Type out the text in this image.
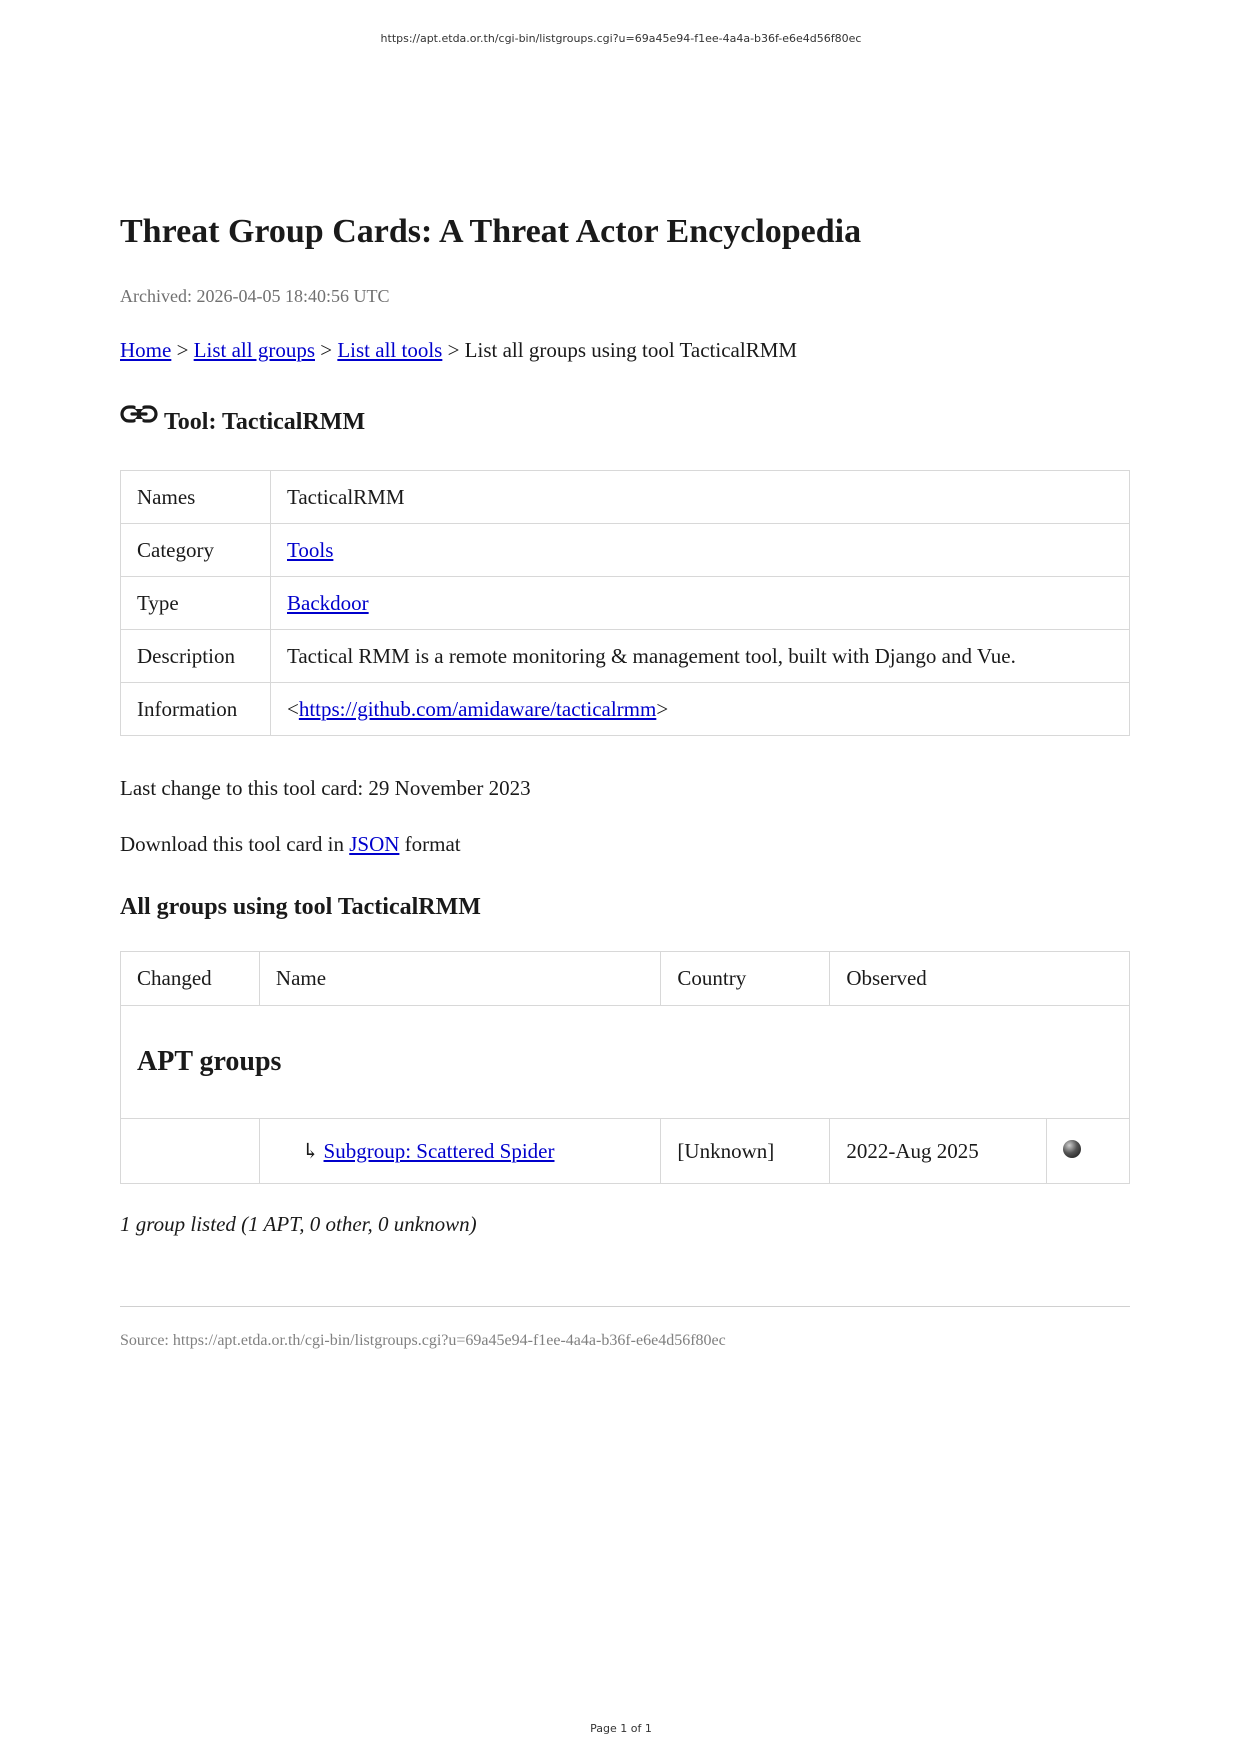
https://apt.etda.or.th/cgi-bin/listgroups.cgi?u=69a45e94-f1ee-4a4a-b36f-e6e4d56f80ec
Threat Group Cards: A Threat Actor Encyclopedia
Archived: 2026-04-05 18:40:56 UTC
Home > List all groups > List all tools > List all groups using tool TacticalRMM
Tool: TacticalRMM
Names	TacticalRMM
Category	Tools
Type	Backdoor
Description	Tactical RMM is a remote monitoring & management tool, built with Django and Vue.
Information	<https://github.com/amidaware/tacticalrmm>
Last change to this tool card: 29 November 2023
Download this tool card in JSON format
All groups using tool TacticalRMM
Changed	Name	Country	Observed	
APT groups				
	↳ Subgroup: Scattered Spider	[Unknown]	2022-Aug 2025	
1 group listed (1 APT, 0 other, 0 unknown)
Source: https://apt.etda.or.th/cgi-bin/listgroups.cgi?u=69a45e94-f1ee-4a4a-b36f-e6e4d56f80ec
Page 1 of 1
